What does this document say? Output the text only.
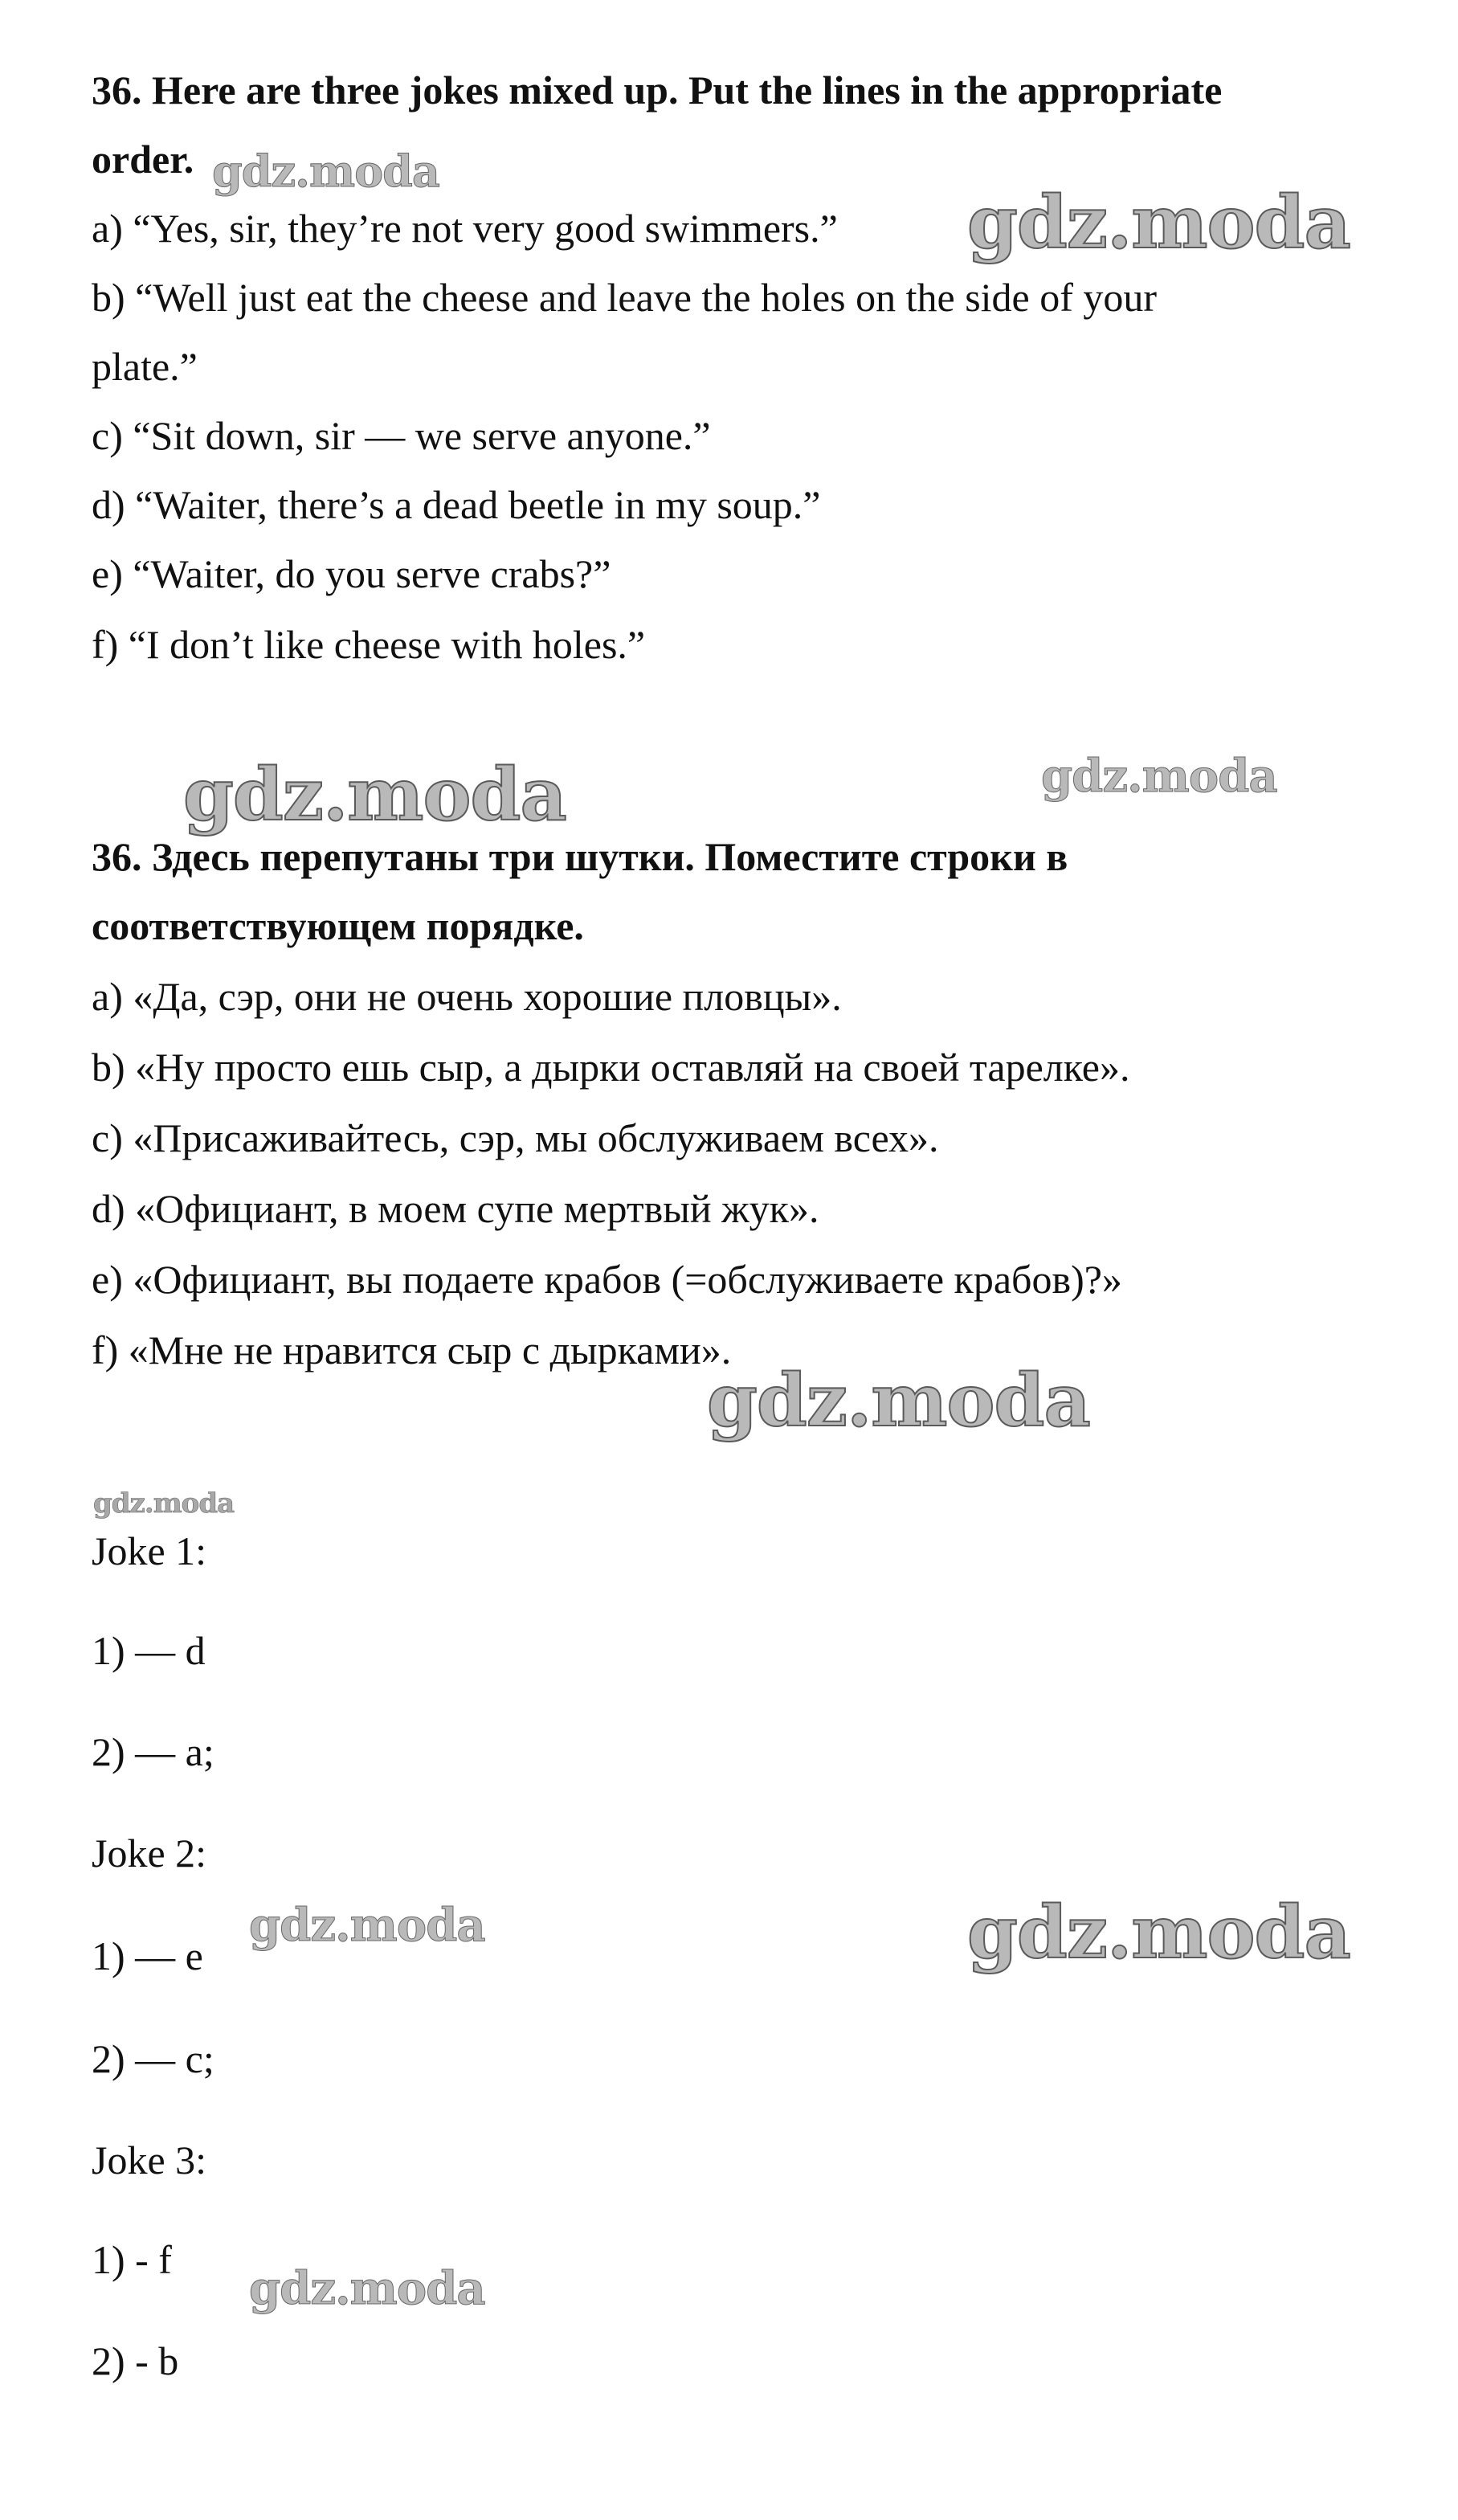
36. Here are three jokes mixed up. Put the lines in the appropriate
order.
a) “Yes, sir, they’re not very good swimmers.”
b) “Well just eat the cheese and leave the holes on the side of your
plate.”
c) “Sit down, sir — we serve anyone.”
d) “Waiter, there’s a dead beetle in my soup.”
e) “Waiter, do you serve crabs?”
f) “I don’t like cheese with holes.”
36. Здесь перепутаны три шутки. Поместите строки в
соответствующем порядке.
a) «Да, сэр, они не очень хорошие пловцы».
b) «Ну просто ешь сыр, а дырки оставляй на своей тарелке».
c) «Присаживайтесь, сэр, мы обслуживаем всех».
d) «Официант, в моем супе мертвый жук».
e) «Официант, вы подаете крабов (=обслуживаете крабов)?»
f) «Мне не нравится сыр с дырками».
Joke 1:
1) — d
2) — a;
Joke 2:
1) — e
2) — c;
Joke 3:
1) - f
2) - b
gdz.moda
gdz.moda
gdz.moda	gdz.moda
gdz.moda
gdz.moda
gdz.moda	gdz.moda
gdz.moda
